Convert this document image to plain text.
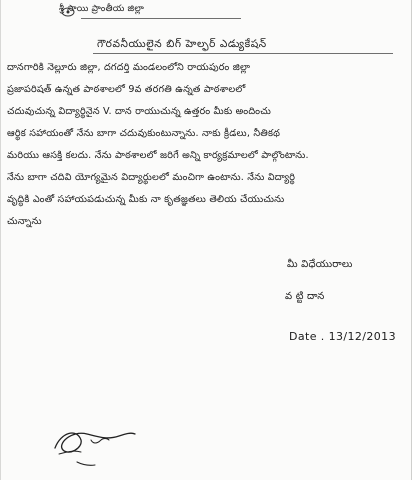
శ్రీ సాయి ప్రాంతీయ జిల్లా
గౌరవనీయులైన బిగ్ హెల్ఫర్ ఎడ్యుకేషన్
దానగారికి నెల్లూరు జిల్లా, దగదర్తి మండలంలోని రాయపురం జిల్లా
ప్రజాపరిషత్ ఉన్నత పాఠశాలలో 9వ తరగతి ఉన్నత పాఠశాలలో
చదువుచున్న విద్యార్థినైన V. దాన రాయుచున్న ఉత్తరం మీకు అందించు
ఆర్థిక సహాయంతో నేను బాగా చదువుకుంటున్నాను. నాకు క్రీడలు, నీతికథ
మరియు ఆసక్తి కలదు. నేను పాఠశాలలో జరిగే అన్ని కార్యక్రమాలలో పాల్గొంటాను.
నేను బాగా చదివి యోగ్యమైన విద్యార్థులలో మంచిగా ఉంటాను. నేను విద్యార్థి
వృద్ధికి ఎంతో సహాయపడుచున్న మీకు నా కృతజ్ఞతలు తెలియ చేయుచును
చున్నాను
మీ విధేయురాలు
వ ట్టి దాన
Date . 13/12/2013
